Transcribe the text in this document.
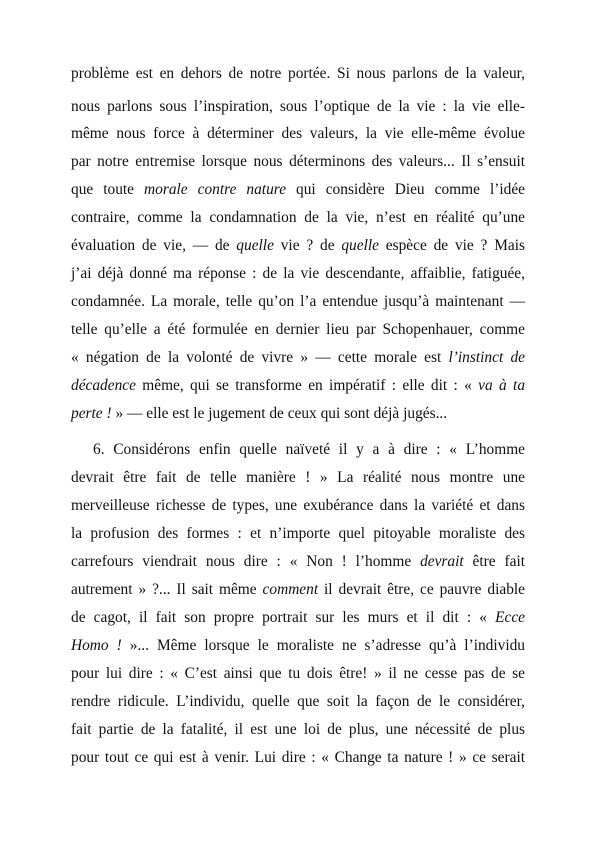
problème est en dehors de notre portée. Si nous parlons de la valeur,
nous parlons sous l’inspiration, sous l’optique de la vie : la vie elle-
même nous force à déterminer des valeurs, la vie elle-même évolue
par notre entremise lorsque nous déterminons des valeurs... Il s’ensuit
que toute morale contre nature qui considère Dieu comme l’idée
contraire, comme la condamnation de la vie, n’est en réalité qu’une
évaluation de vie, — de quelle vie ? de quelle espèce de vie ? Mais
j’ai déjà donné ma réponse : de la vie descendante, affaiblie, fatiguée,
condamnée. La morale, telle qu’on l’a entendue jusqu’à maintenant —
telle qu’elle a été formulée en dernier lieu par Schopenhauer, comme
« négation de la volonté de vivre » — cette morale est l’instinct de
décadence même, qui se transforme en impératif : elle dit : « va à ta
perte ! » — elle est le jugement de ceux qui sont déjà jugés...
6. Considérons enfin quelle naïveté il y a à dire : « L’homme
devrait être fait de telle manière ! » La réalité nous montre une
merveilleuse richesse de types, une exubérance dans la variété et dans
la profusion des formes : et n’importe quel pitoyable moraliste des
carrefours viendrait nous dire : « Non ! l’homme devrait être fait
autrement » ?... Il sait même comment il devrait être, ce pauvre diable
de cagot, il fait son propre portrait sur les murs et il dit : « Ecce
Homo ! »... Même lorsque le moraliste ne s’adresse qu’à l’individu
pour lui dire : « C’est ainsi que tu dois être! » il ne cesse pas de se
rendre ridicule. L’individu, quelle que soit la façon de le considérer,
fait partie de la fatalité, il est une loi de plus, une nécessité de plus
pour tout ce qui est à venir. Lui dire : « Change ta nature ! » ce serait
